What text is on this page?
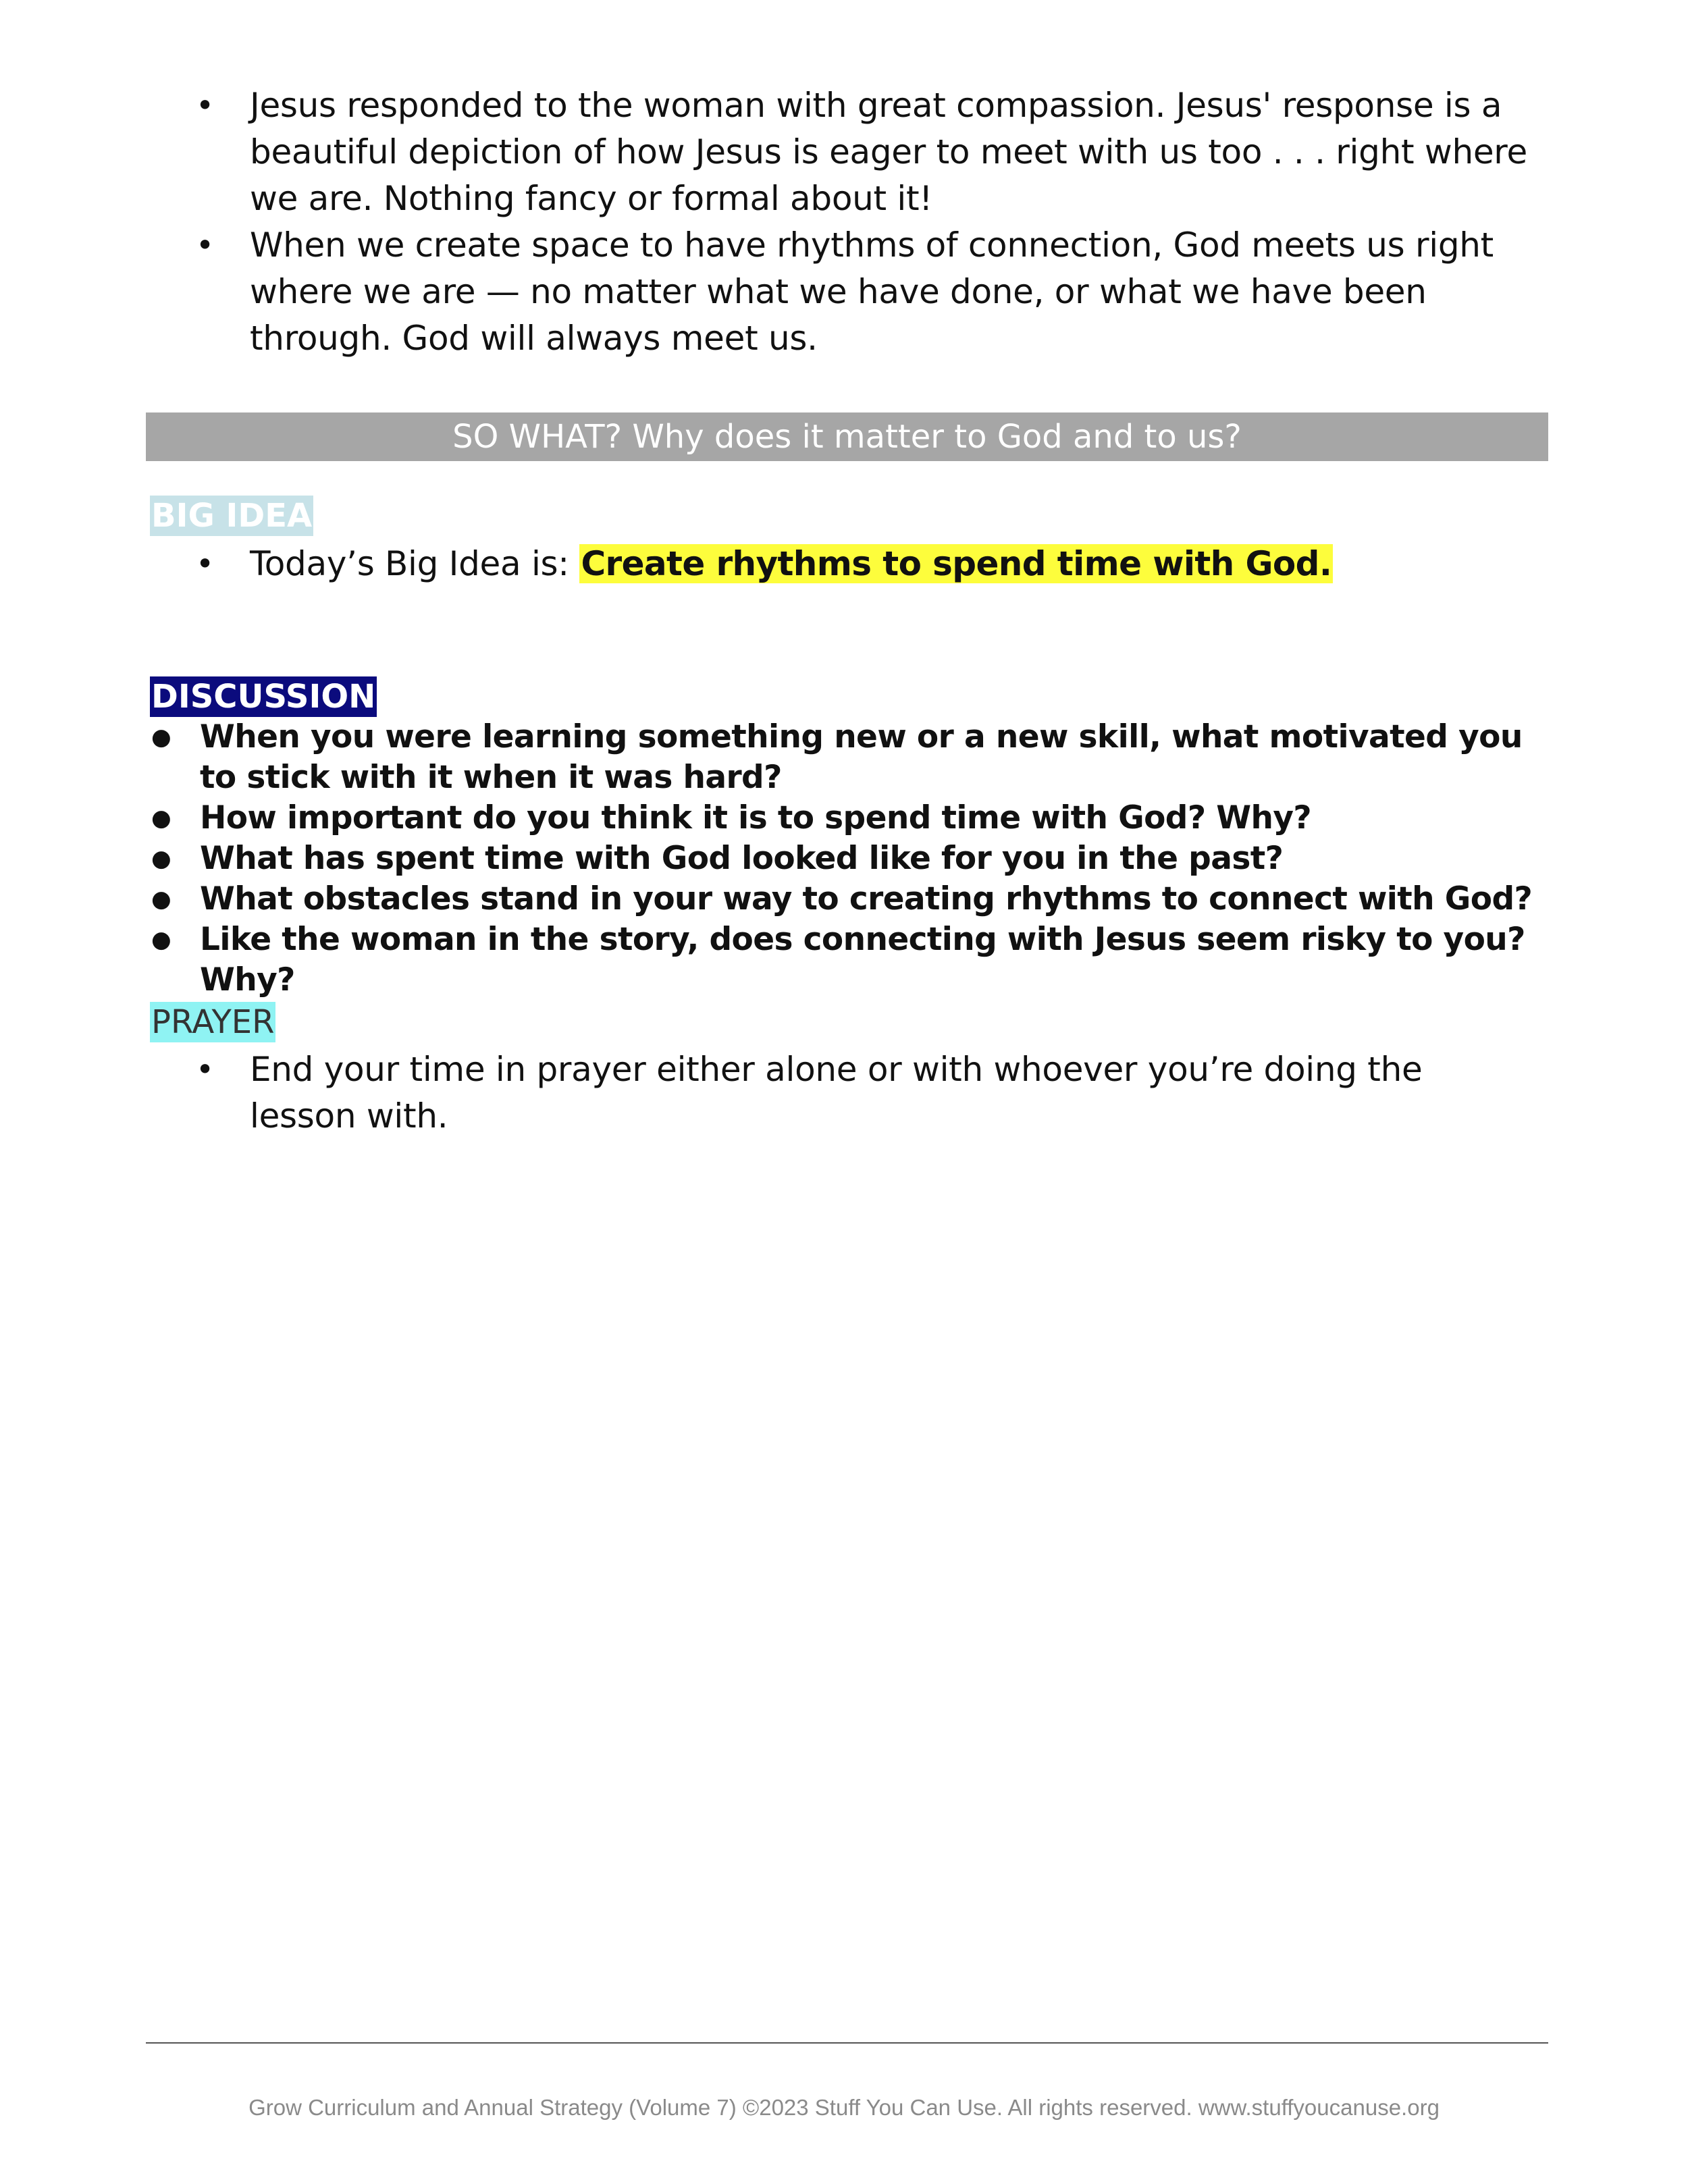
• Jesus responded to the woman with great compassion. Jesus' response is a beautiful depiction of how Jesus is eager to meet with us too . . . right where we are. Nothing fancy or formal about it!
• When we create space to have rhythms of connection, God meets us right where we are — no matter what we have done, or what we have been through. God will always meet us.
SO WHAT? Why does it matter to God and to us?
BIG IDEA
• Today’s Big Idea is: Create rhythms to spend time with God.
DISCUSSION
● When you were learning something new or a new skill, what motivated you to stick with it when it was hard?
● How important do you think it is to spend time with God? Why?
● What has spent time with God looked like for you in the past?
● What obstacles stand in your way to creating rhythms to connect with God?
● Like the woman in the story, does connecting with Jesus seem risky to you? Why?
PRAYER
• End your time in prayer either alone or with whoever you’re doing the lesson with.
Grow Curriculum and Annual Strategy (Volume 7) ©2023 Stuff You Can Use. All rights reserved. www.stuffyoucanuse.org
